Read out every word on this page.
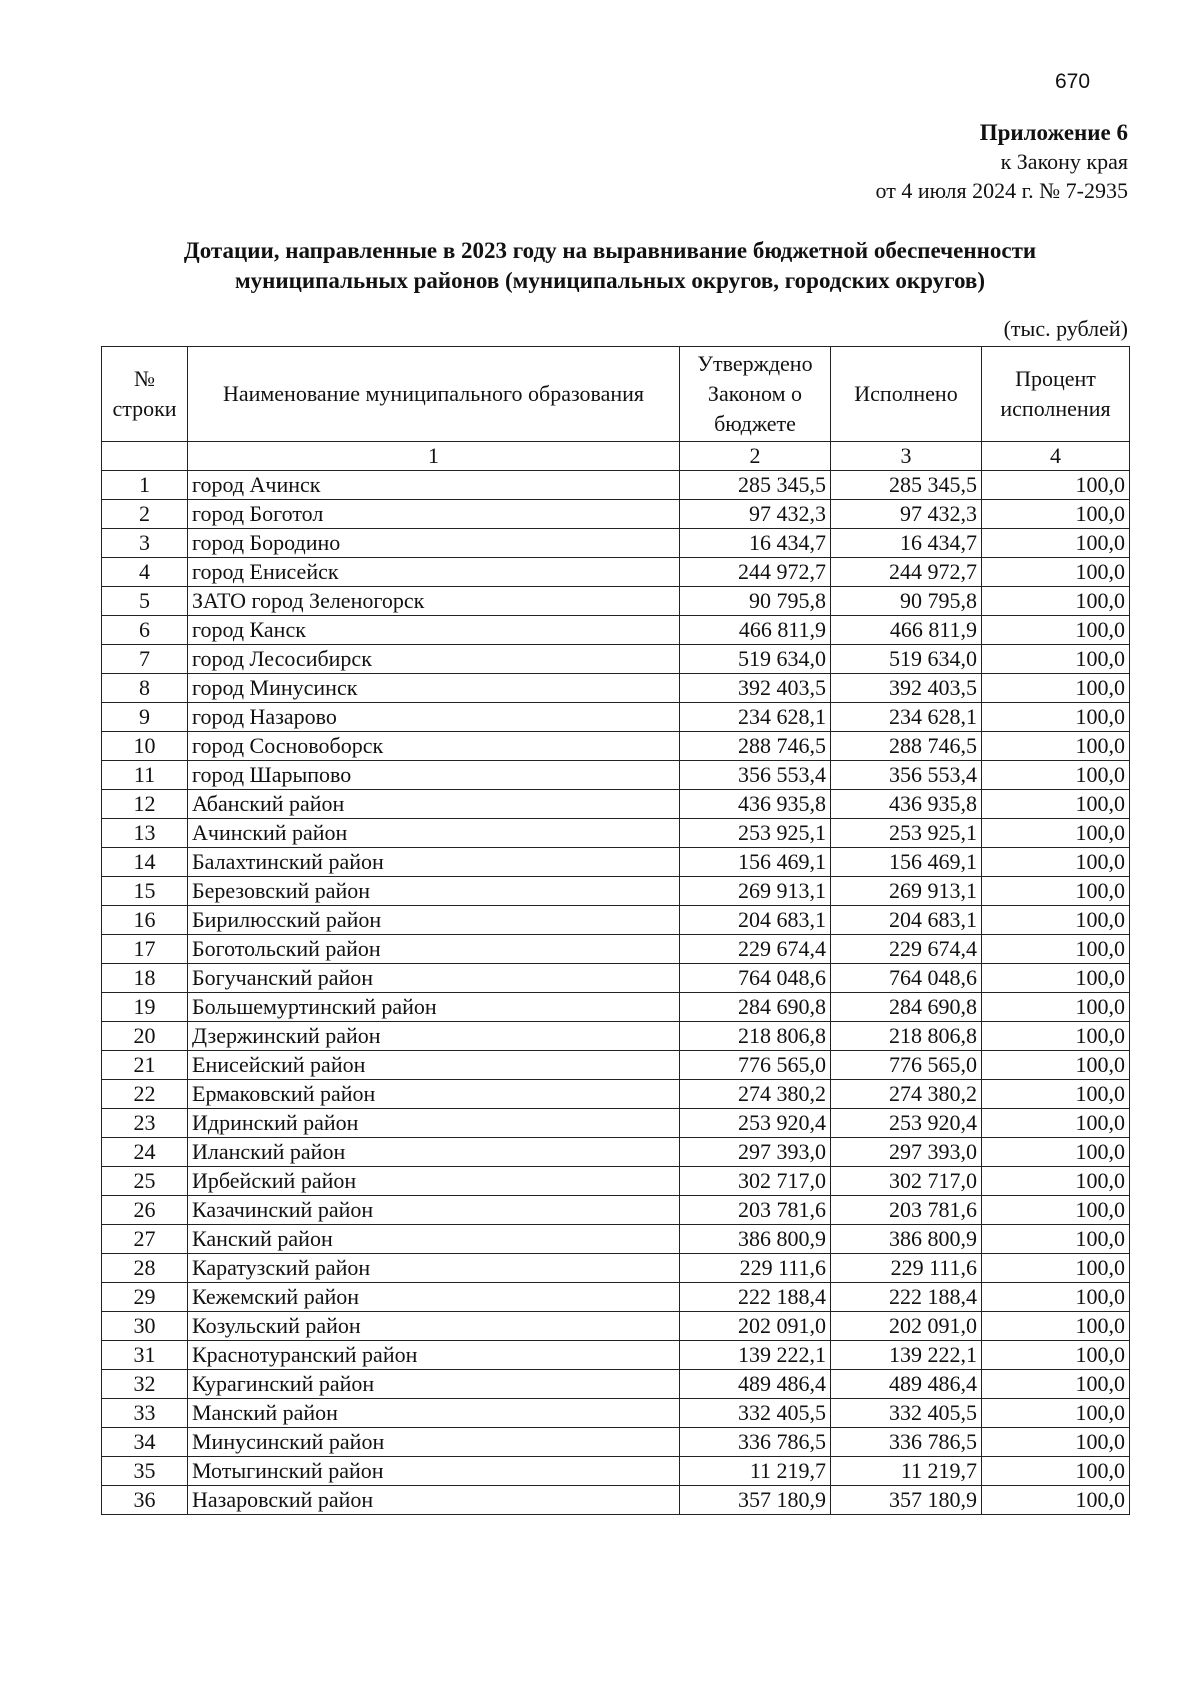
670
Приложение 6
к Закону края
от 4 июля 2024 г. № 7-2935
Дотации, направленные в 2023 году на выравнивание бюджетной обеспеченности
муниципальных районов (муниципальных округов, городских округов)
(тыс. рублей)
№ строки	Наименование муниципального образования	Утверждено Законом о бюджете	Исполнено	Процент исполнения
	1	2	3	4
1	город Ачинск	285 345,5	285 345,5	100,0
2	город Боготол	97 432,3	97 432,3	100,0
3	город Бородино	16 434,7	16 434,7	100,0
4	город Енисейск	244 972,7	244 972,7	100,0
5	ЗАТО город Зеленогорск	90 795,8	90 795,8	100,0
6	город Канск	466 811,9	466 811,9	100,0
7	город Лесосибирск	519 634,0	519 634,0	100,0
8	город Минусинск	392 403,5	392 403,5	100,0
9	город Назарово	234 628,1	234 628,1	100,0
10	город Сосновоборск	288 746,5	288 746,5	100,0
11	город Шарыпово	356 553,4	356 553,4	100,0
12	Абанский район	436 935,8	436 935,8	100,0
13	Ачинский район	253 925,1	253 925,1	100,0
14	Балахтинский район	156 469,1	156 469,1	100,0
15	Березовский район	269 913,1	269 913,1	100,0
16	Бирилюсский район	204 683,1	204 683,1	100,0
17	Боготольский район	229 674,4	229 674,4	100,0
18	Богучанский район	764 048,6	764 048,6	100,0
19	Большемуртинский район	284 690,8	284 690,8	100,0
20	Дзержинский район	218 806,8	218 806,8	100,0
21	Енисейский район	776 565,0	776 565,0	100,0
22	Ермаковский район	274 380,2	274 380,2	100,0
23	Идринский район	253 920,4	253 920,4	100,0
24	Иланский район	297 393,0	297 393,0	100,0
25	Ирбейский район	302 717,0	302 717,0	100,0
26	Казачинский район	203 781,6	203 781,6	100,0
27	Канский район	386 800,9	386 800,9	100,0
28	Каратузский район	229 111,6	229 111,6	100,0
29	Кежемский район	222 188,4	222 188,4	100,0
30	Козульский район	202 091,0	202 091,0	100,0
31	Краснотуранский район	139 222,1	139 222,1	100,0
32	Курагинский район	489 486,4	489 486,4	100,0
33	Манский район	332 405,5	332 405,5	100,0
34	Минусинский район	336 786,5	336 786,5	100,0
35	Мотыгинский район	11 219,7	11 219,7	100,0
36	Назаровский район	357 180,9	357 180,9	100,0
